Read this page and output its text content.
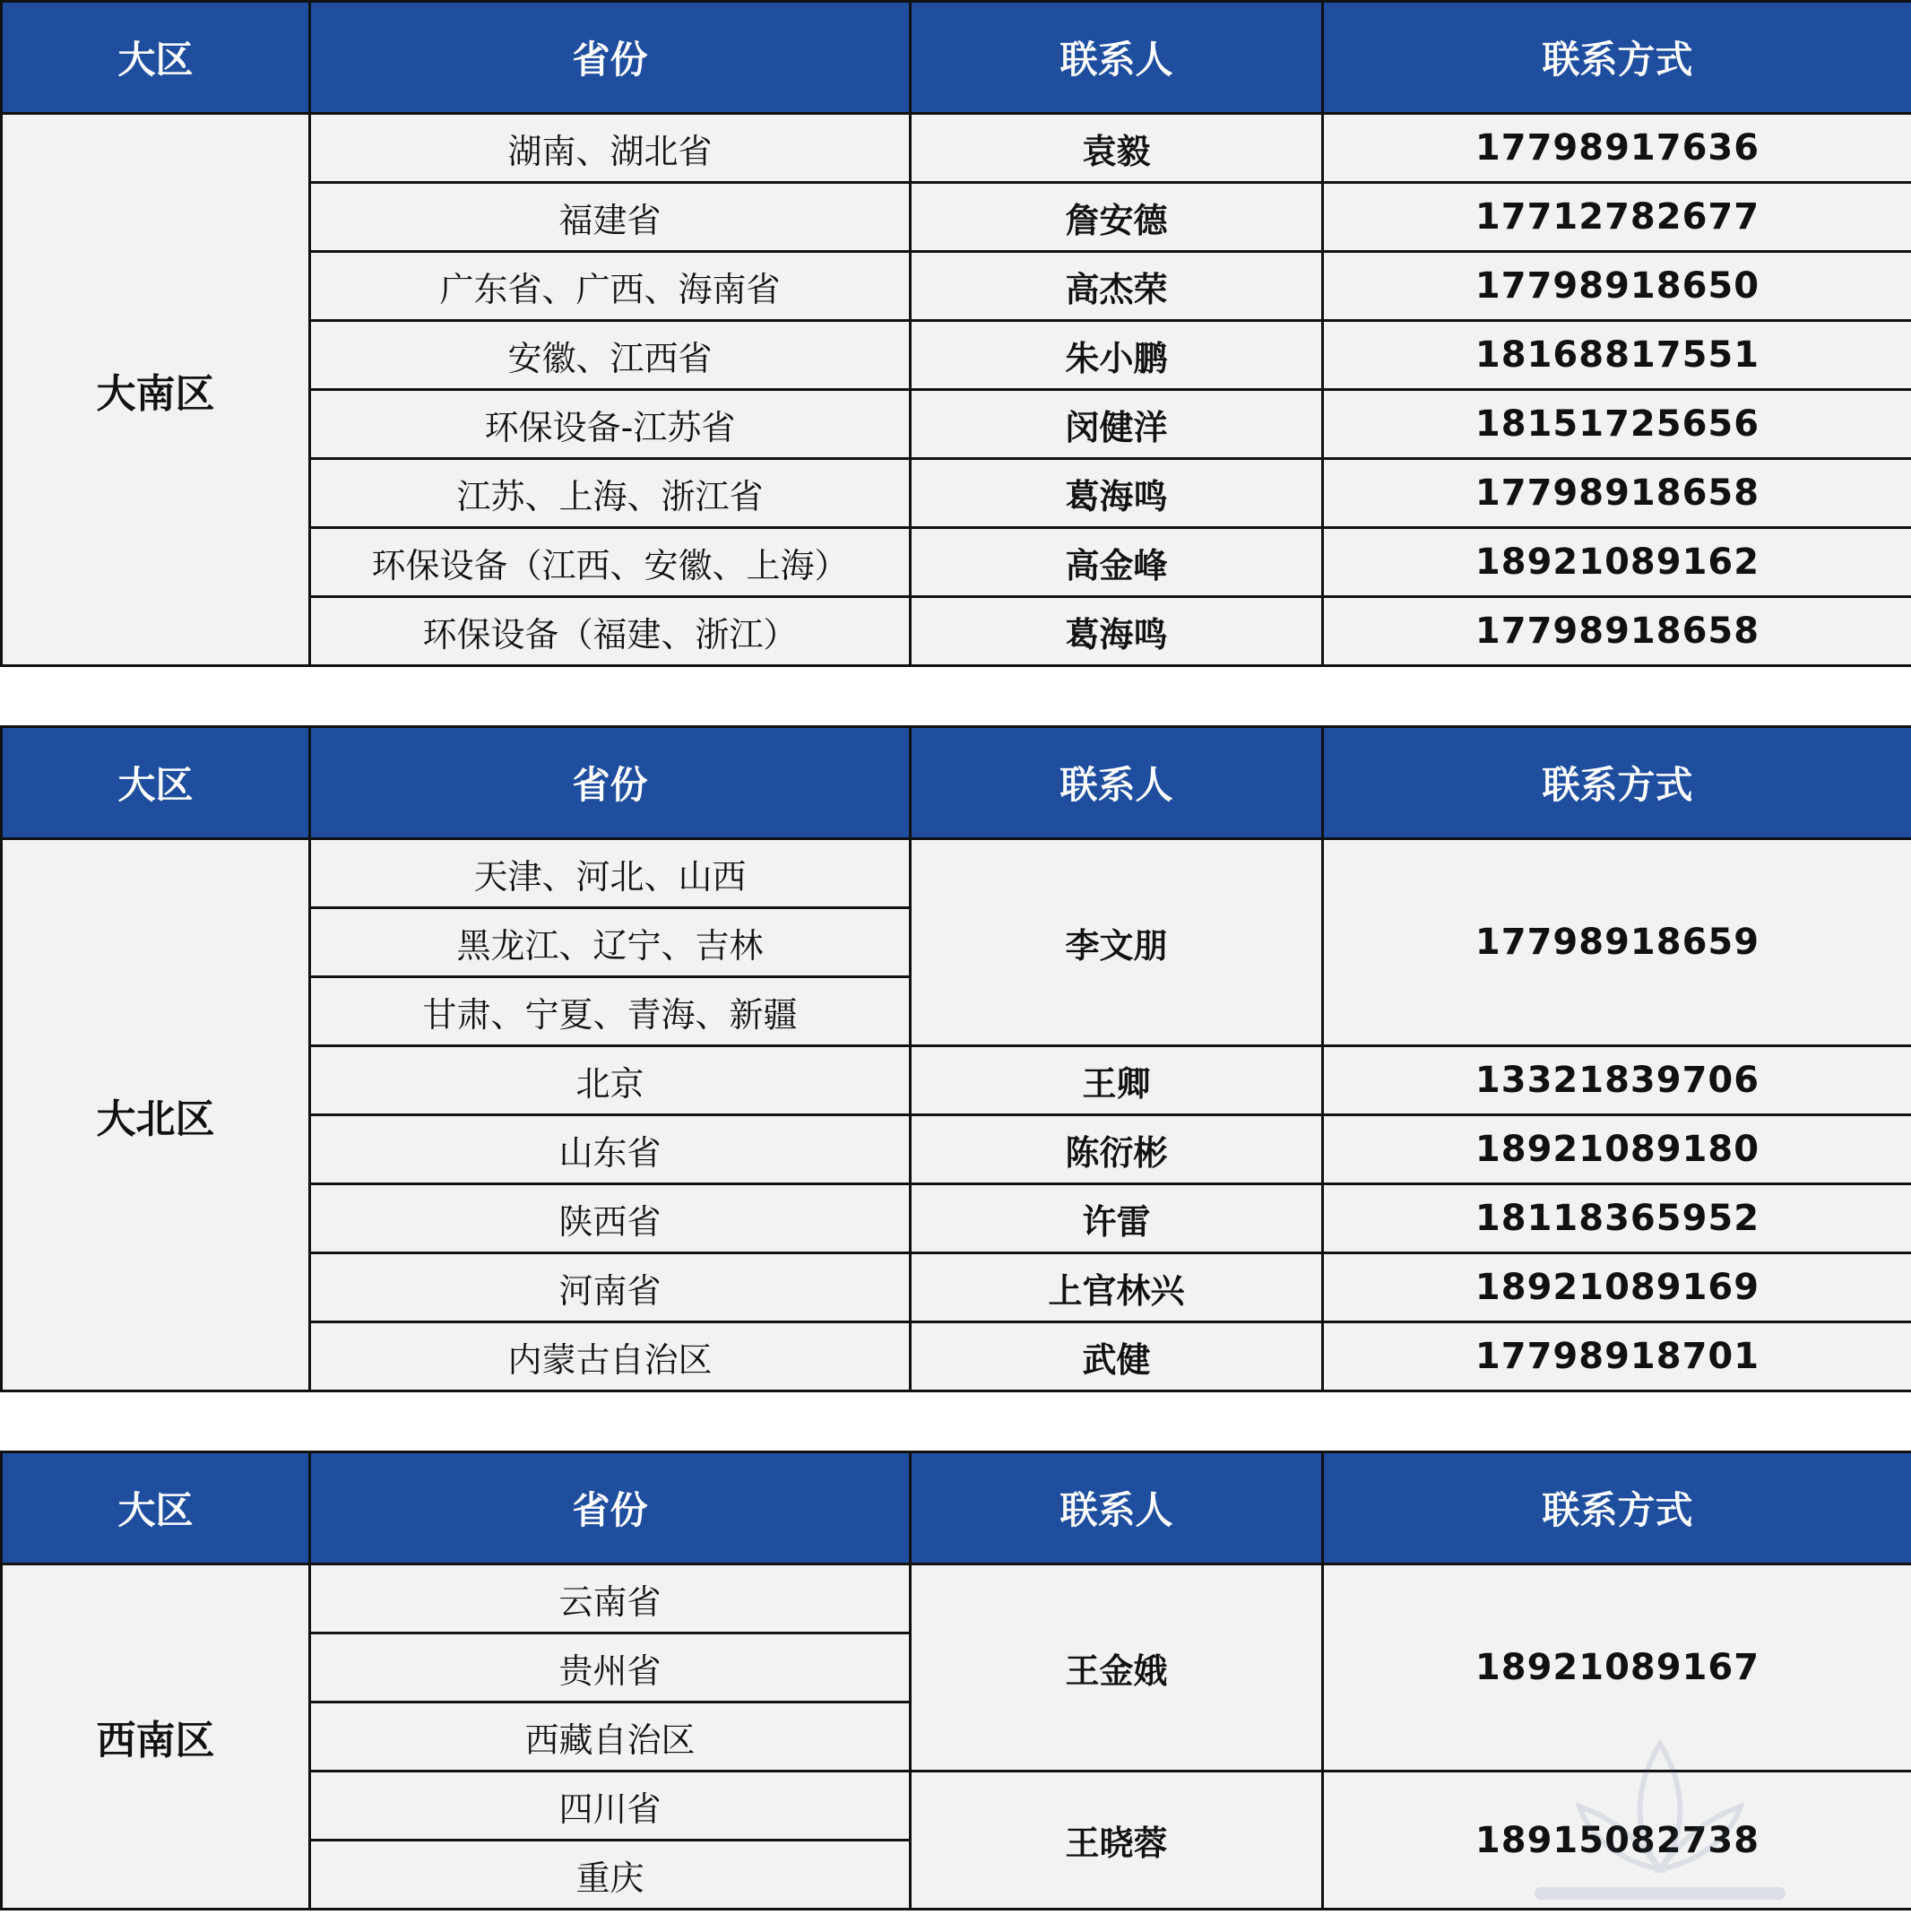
大区	省份	联系人	联系方式
大南区	湖南、湖北省	袁毅	17798917636
	福建省	詹安德	17712782677
	广东省、广西、海南省	高杰荣	17798918650
	安徽、江西省	朱小鹏	18168817551
	环保设备-江苏省	闵健洋	18151725656
	江苏、上海、浙江省	葛海鸣	17798918658
	环保设备（江西、安徽、上海）	高金峰	18921089162
	环保设备（福建、浙江）	葛海鸣	17798918658
大区	省份	联系人	联系方式
大北区	天津、河北、山西	李文朋	17798918659
	黑龙江、辽宁、吉林		
	甘肃、宁夏、青海、新疆		
	北京	王卿	13321839706
	山东省	陈衍彬	18921089180
	陕西省	许雷	18118365952
	河南省	上官林兴	18921089169
	内蒙古自治区	武健	17798918701
大区	省份	联系人	联系方式
西南区	云南省	王金娥	18921089167
	贵州省		
	西藏自治区		
	四川省	王晓蓉	18915082738
	重庆		
